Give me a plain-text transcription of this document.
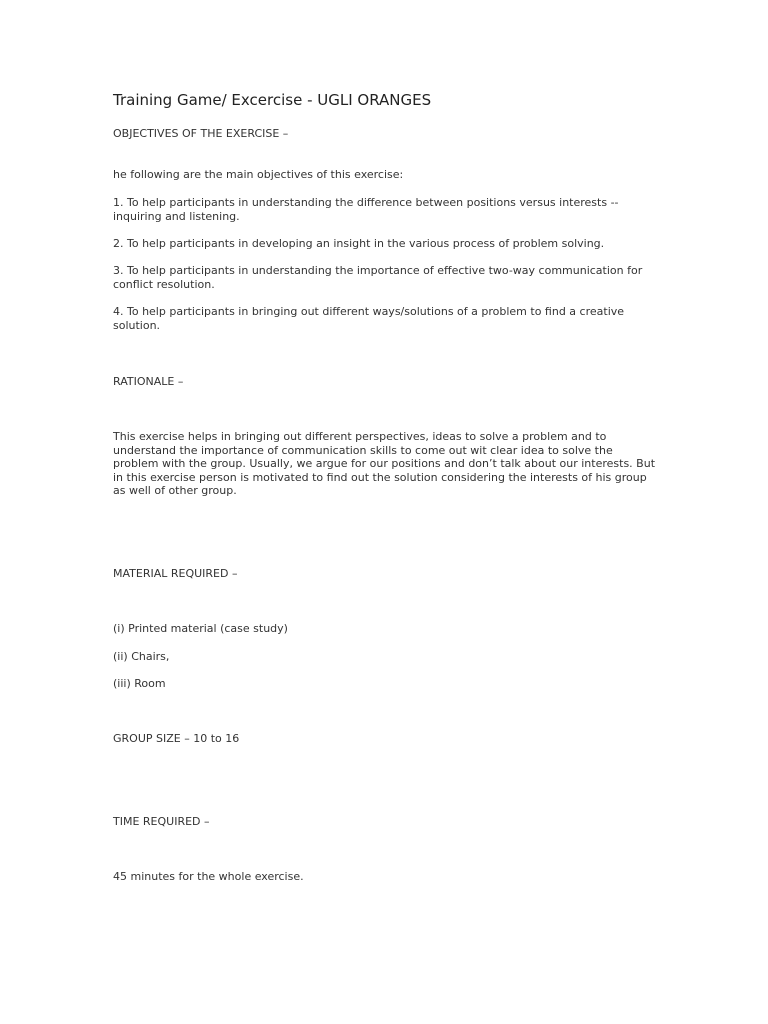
Training Game/ Excercise - UGLI ORANGES
OBJECTIVES OF THE EXERCISE –
he following are the main objectives of this exercise:
1. To help participants in understanding the difference between positions versus interests -- inquiring and listening.
2. To help participants in developing an insight in the various process of problem solving.
3. To help participants in understanding the importance of effective two-way communication for conflict resolution.
4. To help participants in bringing out different ways/solutions of a problem to find a creative solution.
RATIONALE –
This exercise helps in bringing out different perspectives, ideas to solve a problem and to understand the importance of communication skills to come out wit clear idea to solve the problem with the group. Usually, we argue for our positions and don’t talk about our interests. But in this exercise person is motivated to find out the solution considering the interests of his group as well of other group.
MATERIAL REQUIRED –
(i) Printed material (case study)
(ii) Chairs,
(iii) Room
GROUP SIZE – 10 to 16
TIME REQUIRED –
45 minutes for the whole exercise.
